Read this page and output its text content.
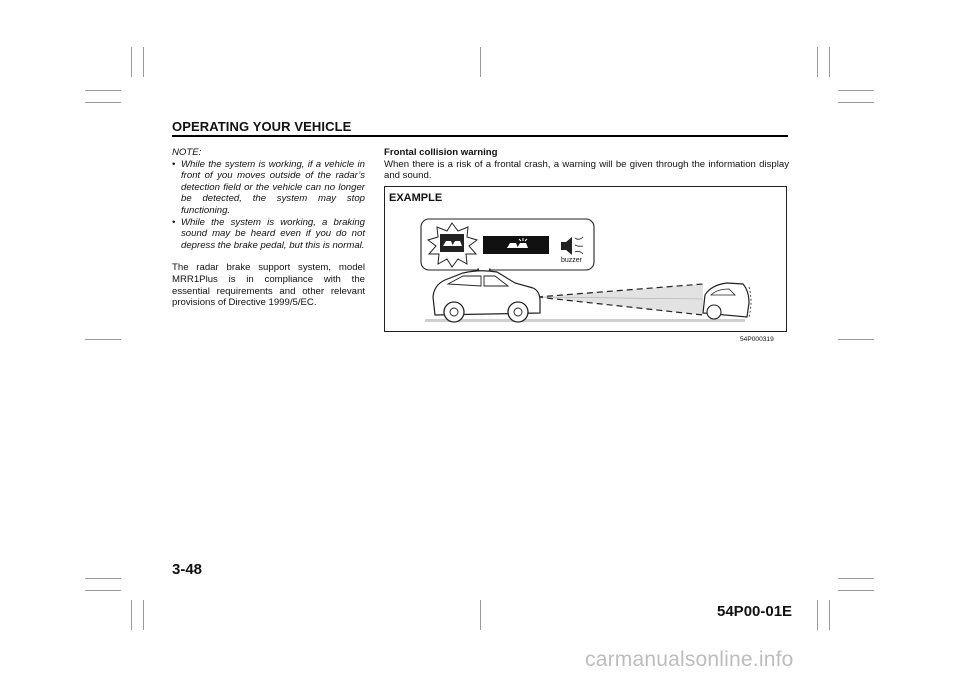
OPERATING YOUR VEHICLE
NOTE:

• While the system is working, if a vehicle in front of you moves outside of the radar’s detection field or the vehicle can no longer be detected, the system may stop functioning.

• While the system is working, a braking sound may be heard even if you do not depress the brake pedal, but this is normal.

The radar brake support system, model MRR1Plus is in compliance with the essential requirements and other relevant provisions of Directive 1999/5/EC.
Frontal collision warning
When there is a risk of a frontal crash, a warning will be given through the information display and sound.
EXAMPLE
buzzer
54P000319
3-48
54P00-01E
carmanualsonline.info
